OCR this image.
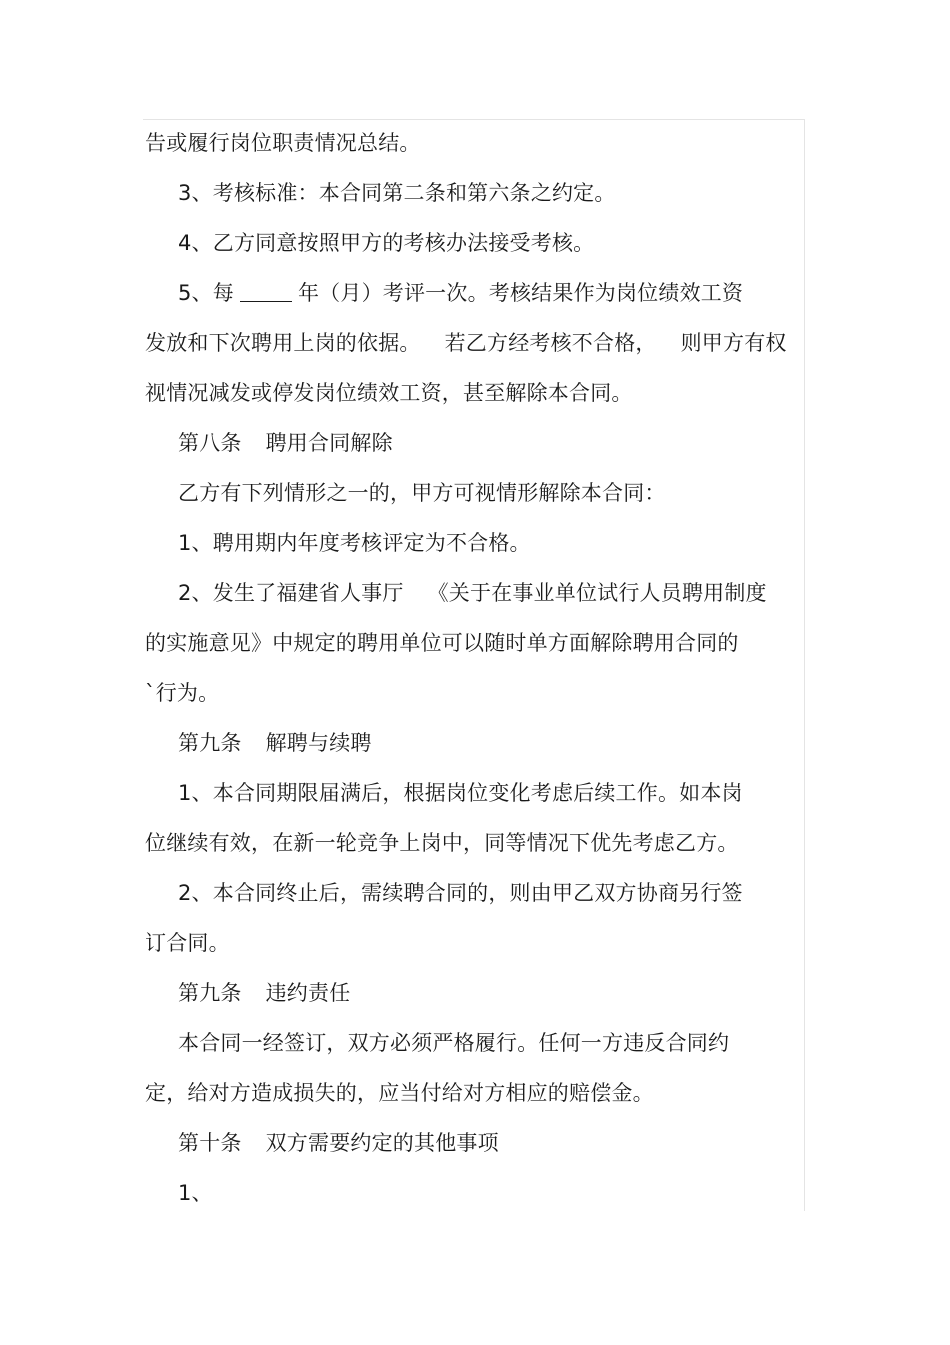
告或履行岗位职责情况总结。
3、考核标准：本合同第二条和第六条之约定。
4、乙方同意按照甲方的考核办法接受考核。
5、每	年（月）考评一次。考核结果作为岗位绩效工资
发放和下次聘用上岗的依据。 若乙方经考核不合格， 则甲方有权
视情况减发或停发岗位绩效工资，甚至解除本合同。
第八条 聘用合同解除
乙方有下列情形之一的，甲方可视情形解除本合同：
1、聘用期内年度考核评定为不合格。
2、发生了福建省人事厅 《关于在事业单位试行人员聘用制度
的实施意见》中规定的聘用单位可以随时单方面解除聘用合同的
`行为。
第九条 解聘与续聘
1、本合同期限届满后，根据岗位变化考虑后续工作。如本岗
位继续有效，在新一轮竞争上岗中，同等情况下优先考虑乙方。
2、本合同终止后，需续聘合同的，则由甲乙双方协商另行签
订合同。
第九条 违约责任
本合同一经签订，双方必须严格履行。任何一方违反合同约
定，给对方造成损失的，应当付给对方相应的赔偿金。
第十条 双方需要约定的其他事项
1、
